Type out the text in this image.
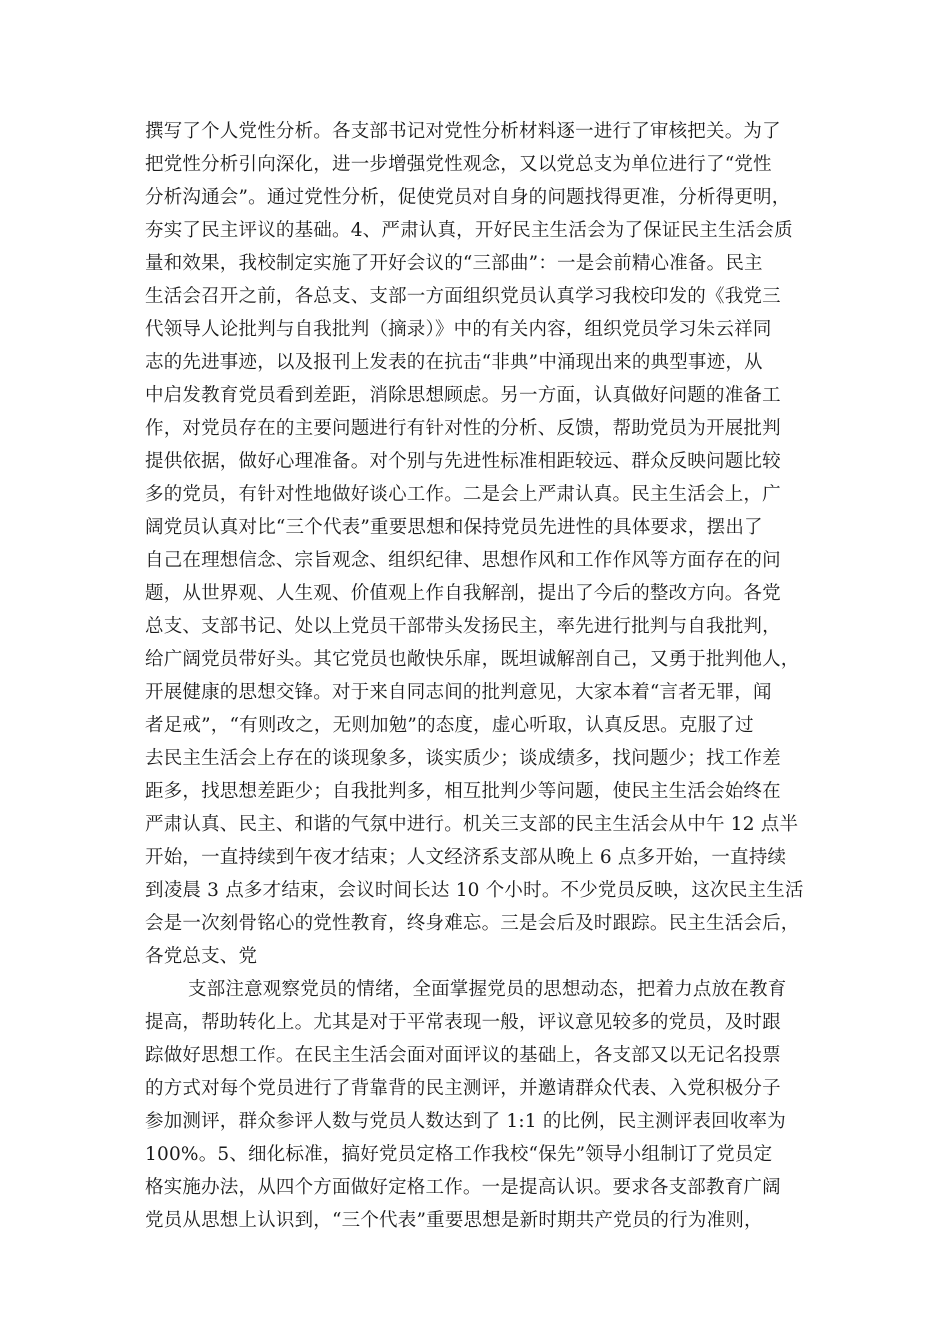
撰写了个人党性分析。各支部书记对党性分析材料逐一进行了审核把关。为了
把党性分析引向深化，进一步增强党性观念，又以党总支为单位进行了“党性
分析沟通会”。通过党性分析，促使党员对自身的问题找得更准，分析得更明，
夯实了民主评议的基础。4、严肃认真，开好民主生活会为了保证民主生活会质
量和效果，我校制定实施了开好会议的“三部曲”：一是会前精心准备。民主
生活会召开之前，各总支、支部一方面组织党员认真学习我校印发的《我党三
代领导人论批判与自我批判（摘录）》中的有关内容，组织党员学习朱云祥同
志的先进事迹，以及报刊上发表的在抗击“非典”中涌现出来的典型事迹，从
中启发教育党员看到差距，消除思想顾虑。另一方面，认真做好问题的准备工
作，对党员存在的主要问题进行有针对性的分析、反馈，帮助党员为开展批判
提供依据，做好心理准备。对个别与先进性标准相距较远、群众反映问题比较
多的党员，有针对性地做好谈心工作。二是会上严肃认真。民主生活会上，广
阔党员认真对比“三个代表”重要思想和保持党员先进性的具体要求，摆出了
自己在理想信念、宗旨观念、组织纪律、思想作风和工作作风等方面存在的问
题，从世界观、人生观、价值观上作自我解剖，提出了今后的整改方向。各党
总支、支部书记、处以上党员干部带头发扬民主，率先进行批判与自我批判，
给广阔党员带好头。其它党员也敞快乐扉，既坦诚解剖自己，又勇于批判他人，
开展健康的思想交锋。对于来自同志间的批判意见，大家本着“言者无罪，闻
者足戒”，“有则改之，无则加勉”的态度，虚心听取，认真反思。克服了过
去民主生活会上存在的谈现象多，谈实质少；谈成绩多，找问题少；找工作差
距多，找思想差距少；自我批判多，相互批判少等问题，使民主生活会始终在
严肃认真、民主、和谐的气氛中进行。机关三支部的民主生活会从中午 12 点半
开始，一直持续到午夜才结束；人文经济系支部从晚上 6 点多开始，一直持续
到凌晨 3 点多才结束，会议时间长达 10 个小时。不少党员反映，这次民主生活
会是一次刻骨铭心的党性教育，终身难忘。三是会后及时跟踪。民主生活会后，
各党总支、党
支部注意观察党员的情绪，全面掌握党员的思想动态，把着力点放在教育
提高，帮助转化上。尤其是对于平常表现一般，评议意见较多的党员，及时跟
踪做好思想工作。在民主生活会面对面评议的基础上，各支部又以无记名投票
的方式对每个党员进行了背靠背的民主测评，并邀请群众代表、入党积极分子
参加测评，群众参评人数与党员人数达到了 1:1 的比例，民主测评表回收率为
100%。5、细化标准，搞好党员定格工作我校“保先”领导小组制订了党员定
格实施办法，从四个方面做好定格工作。一是提高认识。要求各支部教育广阔
党员从思想上认识到，“三个代表”重要思想是新时期共产党员的行为准则，
